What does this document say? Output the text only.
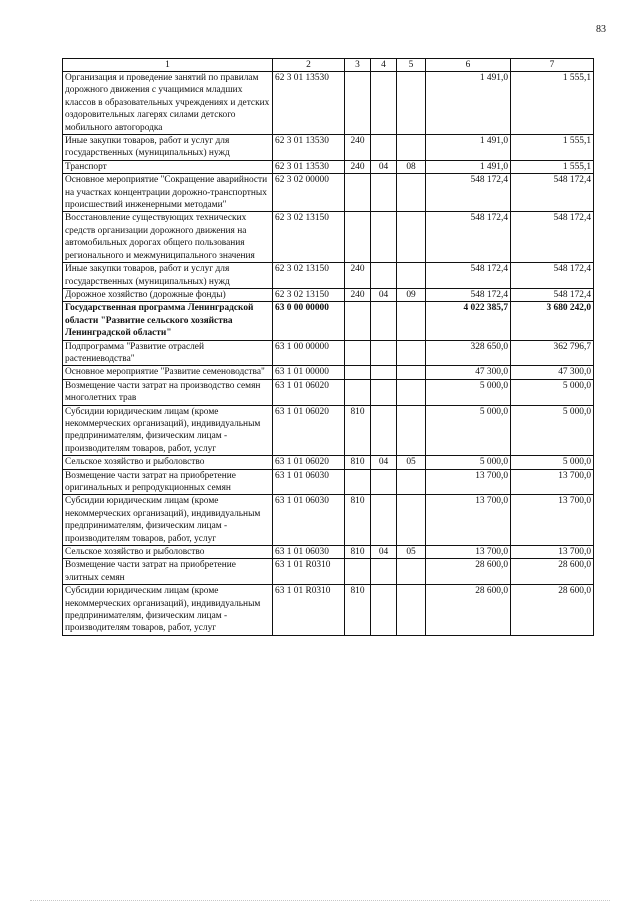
83
1	2	3	4	5	6	7
Организация и проведение занятий по правилам дорожного движения с учащимися младших классов в образовательных учреждениях и детских оздоровительных лагерях силами детского мобильного автогородка	62 3 01 13530				1 491,0	1 555,1
Иные закупки товаров, работ и услуг для государственных (муниципальных) нужд	62 3 01 13530	240			1 491,0	1 555,1
Транспорт	62 3 01 13530	240	04	08	1 491,0	1 555,1
Основное мероприятие "Сокращение аварийности на участках концентрации дорожно-транспортных происшествий инженерными методами"	62 3 02 00000				548 172,4	548 172,4
Восстановление существующих технических средств организации дорожного движения на автомобильных дорогах общего пользования регионального и межмуниципального значения	62 3 02 13150				548 172,4	548 172,4
Иные закупки товаров, работ и услуг для государственных (муниципальных) нужд	62 3 02 13150	240			548 172,4	548 172,4
Дорожное хозяйство (дорожные фонды)	62 3 02 13150	240	04	09	548 172,4	548 172,4
Государственная программа Ленинградской области "Развитие сельского хозяйства Ленинградской области"	63 0 00 00000				4 022 385,7	3 680 242,0
Подпрограмма "Развитие отраслей растениеводства"	63 1 00 00000				328 650,0	362 796,7
Основное мероприятие "Развитие семеноводства"	63 1 01 00000				47 300,0	47 300,0
Возмещение части затрат на производство семян многолетних трав	63 1 01 06020				5 000,0	5 000,0
Субсидии юридическим лицам (кроме некоммерческих организаций), индивидуальным предпринимателям, физическим лицам - производителям товаров, работ, услуг	63 1 01 06020	810			5 000,0	5 000,0
Сельское хозяйство и рыболовство	63 1 01 06020	810	04	05	5 000,0	5 000,0
Возмещение части затрат на приобретение оригинальных и репродукционных семян	63 1 01 06030				13 700,0	13 700,0
Субсидии юридическим лицам (кроме некоммерческих организаций), индивидуальным предпринимателям, физическим лицам - производителям товаров, работ, услуг	63 1 01 06030	810			13 700,0	13 700,0
Сельское хозяйство и рыболовство	63 1 01 06030	810	04	05	13 700,0	13 700,0
Возмещение части затрат на приобретение элитных семян	63 1 01 R0310				28 600,0	28 600,0
Субсидии юридическим лицам (кроме некоммерческих организаций), индивидуальным предпринимателям, физическим лицам - производителям товаров, работ, услуг	63 1 01 R0310	810			28 600,0	28 600,0
